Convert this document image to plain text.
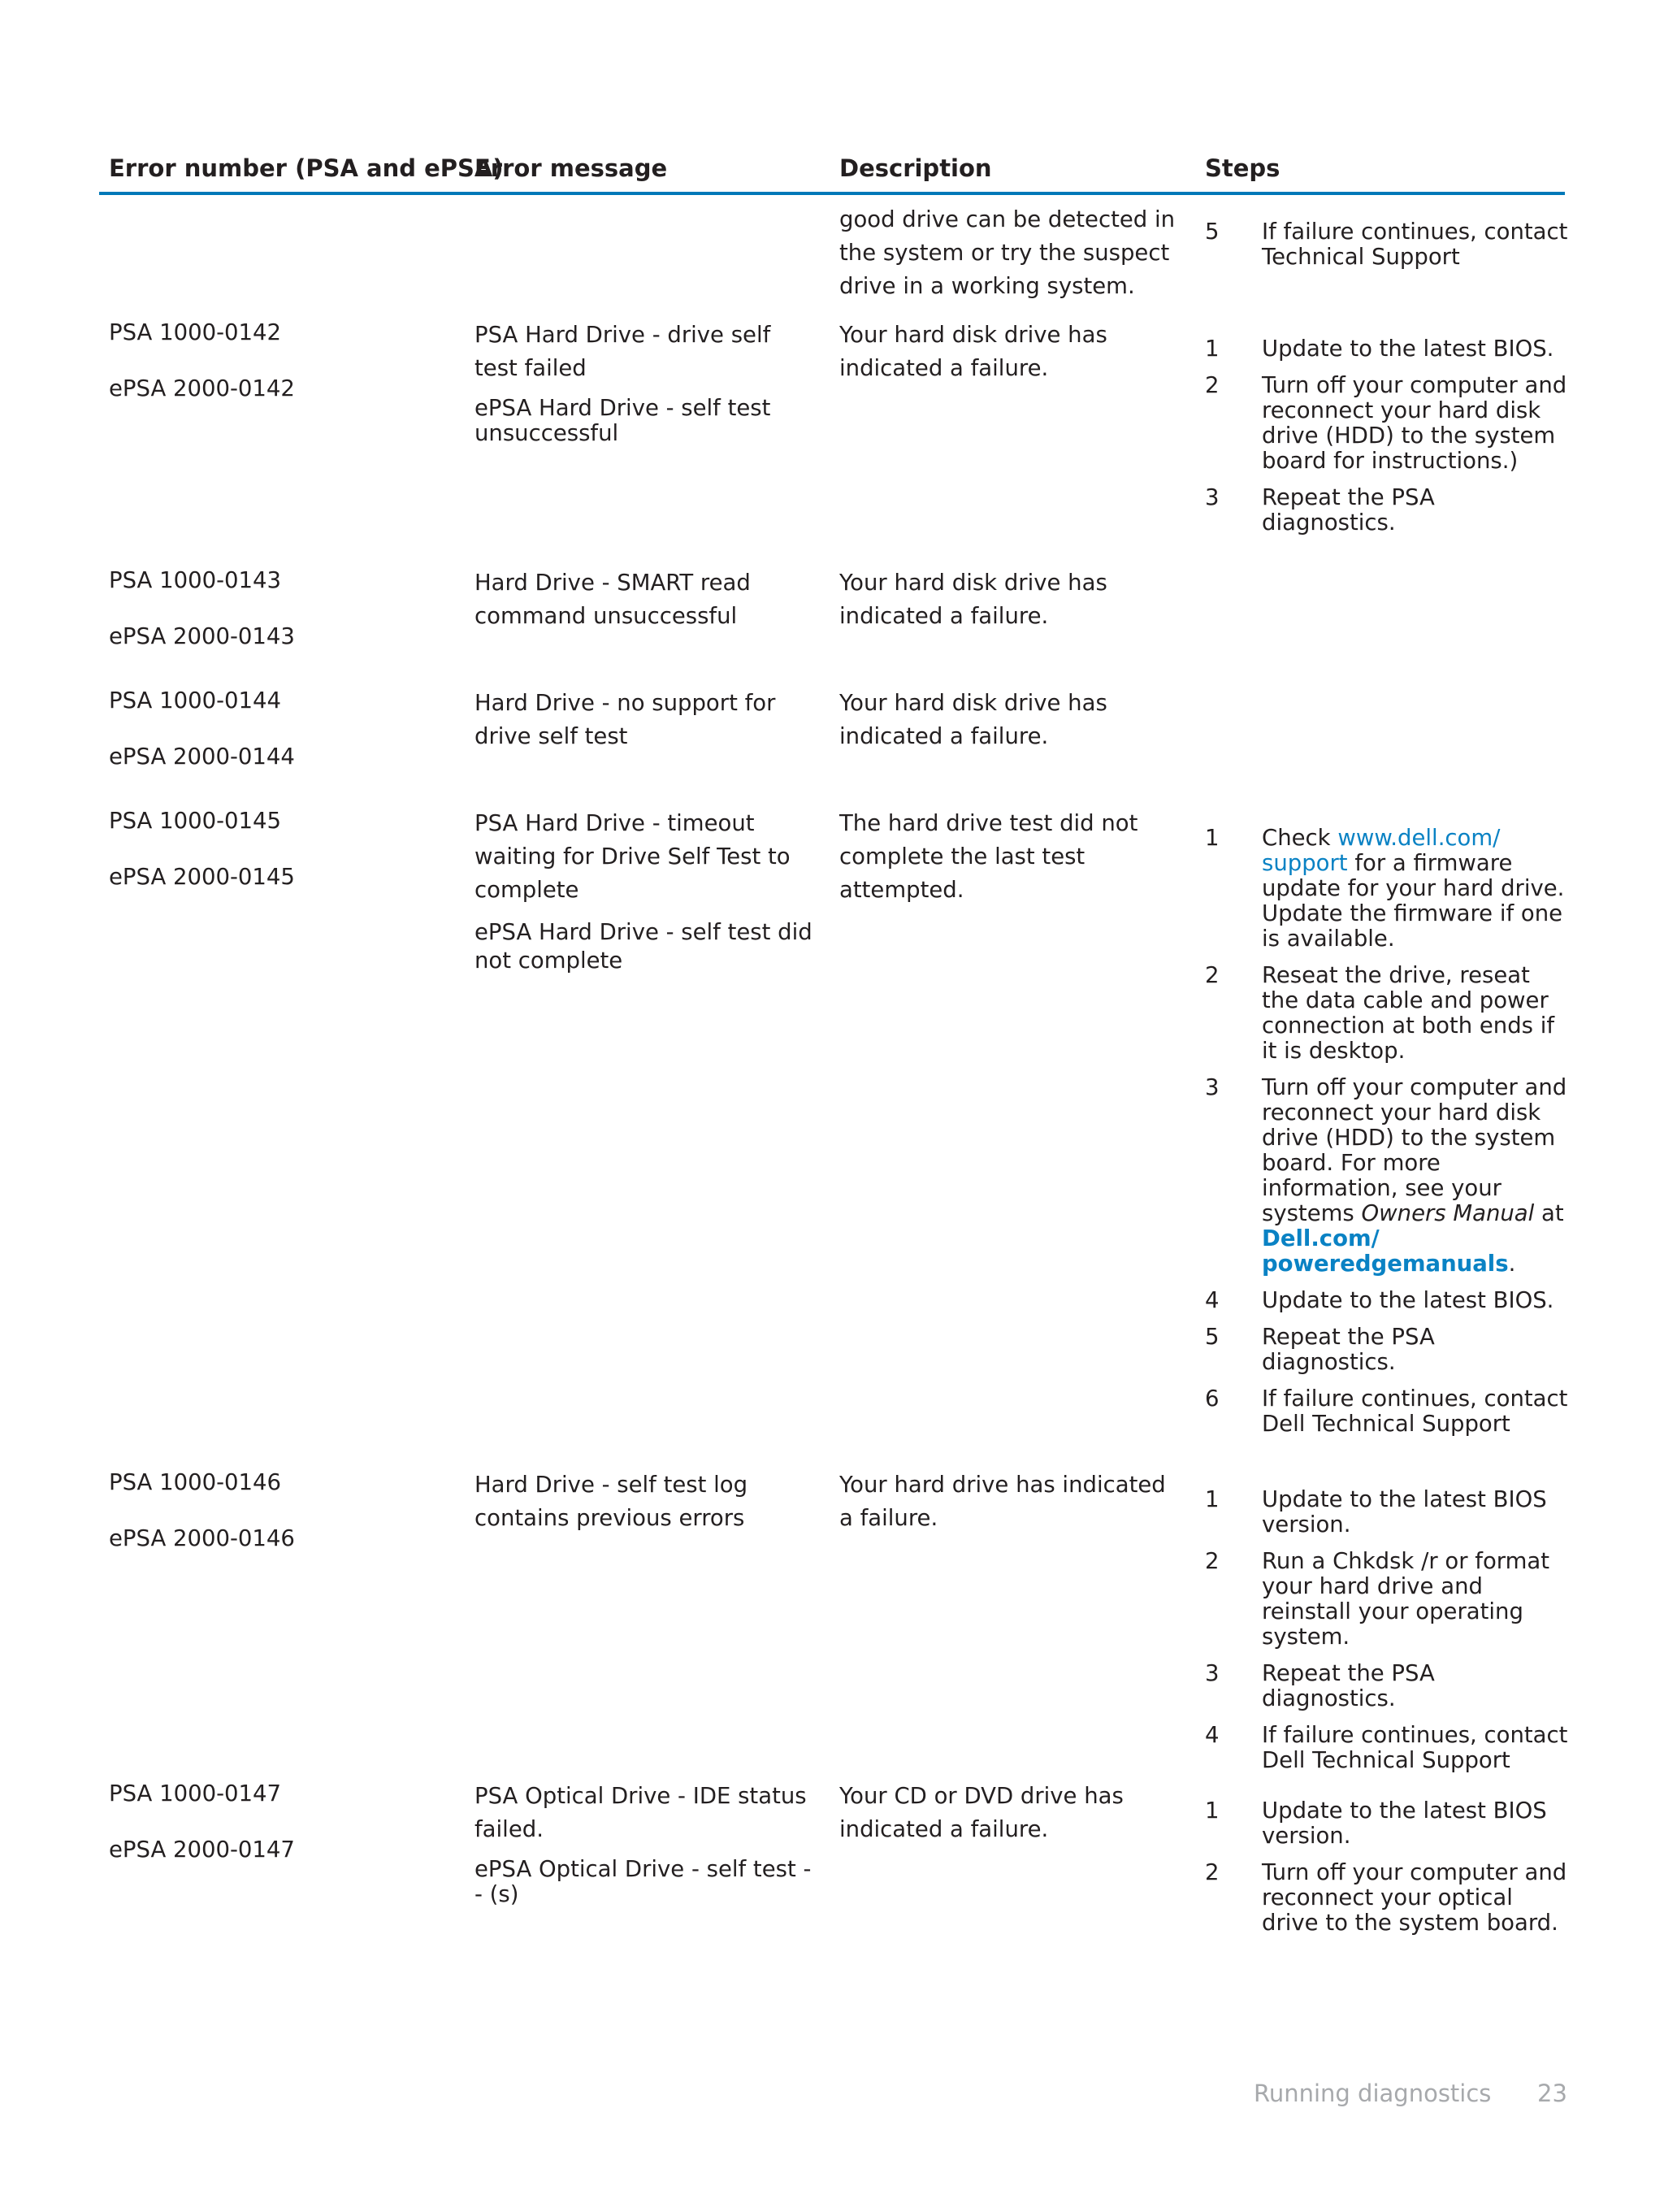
Error number (PSA and ePSA)
Error message	Description	Steps
good drive can be detected in the system or try the suspect drive in a working system.
5 If failure continues, contact Technical Support
PSA 1000-0142
ePSA 2000-0142
PSA Hard Drive - drive self test failed
ePSA Hard Drive - self test unsuccessful
Your hard disk drive has indicated a failure.
1 Update to the latest BIOS.
2 Turn off your computer and reconnect your hard disk drive (HDD) to the system board for instructions.)
3 Repeat the PSA diagnostics.
PSA 1000-0143
ePSA 2000-0143
Hard Drive - SMART read command unsuccessful
Your hard disk drive has indicated a failure.
PSA 1000-0144
ePSA 2000-0144
Hard Drive - no support for drive self test
Your hard disk drive has indicated a failure.
PSA 1000-0145
ePSA 2000-0145
PSA Hard Drive - timeout waiting for Drive Self Test to complete
ePSA Hard Drive - self test did not complete
The hard drive test did not complete the last test attempted.
1 Check www.dell.com/
support for a firmware update for your hard drive. Update the firmware if one is available.
2 Reseat the drive, reseat the data cable and power connection at both ends if it is desktop.
3 Turn off your computer and reconnect your hard disk drive (HDD) to the system board. For more information, see your systems Owners Manual at
Dell.com/
poweredgemanuals.
4 Update to the latest BIOS.
5 Repeat the PSA diagnostics.
6 If failure continues, contact Dell Technical Support
PSA 1000-0146
ePSA 2000-0146
Hard Drive - self test log contains previous errors
Your hard drive has indicated a failure.
1 Update to the latest BIOS version.
2 Run a Chkdsk /r or format your hard drive and reinstall your operating system.
3 Repeat the PSA diagnostics.
4 If failure continues, contact Dell Technical Support
PSA 1000-0147
ePSA 2000-0147
PSA Optical Drive - IDE status failed.
ePSA Optical Drive - self test -- (s)
Your CD or DVD drive has indicated a failure.
1 Update to the latest BIOS version.
2 Turn off your computer and reconnect your optical drive to the system board.
Running diagnostics 23
